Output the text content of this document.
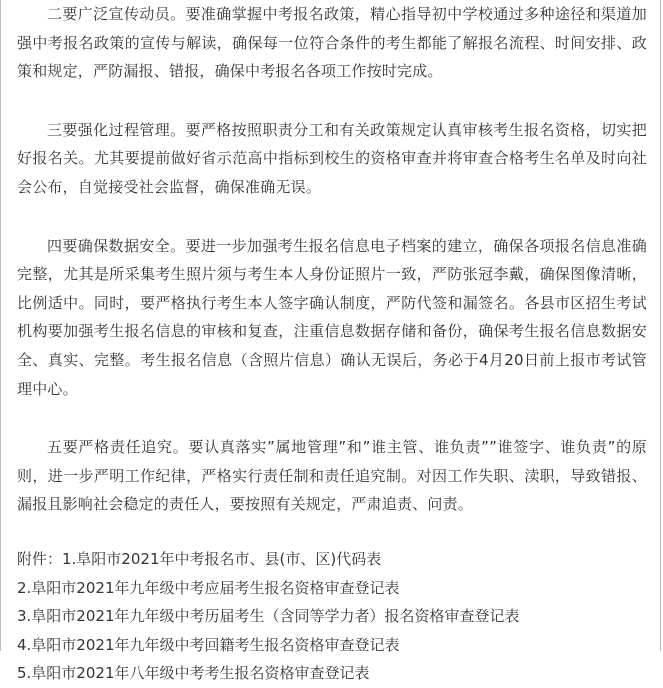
二要广泛宣传动员。要准确掌握中考报名政策，精心指导初中学校通过多种途径和渠道加强中考报名政策的宣传与解读，确保每一位符合条件的考生都能了解报名流程、时间安排、政策和规定，严防漏报、错报，确保中考报名各项工作按时完成。

三要强化过程管理。要严格按照职责分工和有关政策规定认真审核考生报名资格，切实把好报名关。尤其要提前做好省示范高中指标到校生的资格审查并将审查合格考生名单及时向社会公布，自觉接受社会监督，确保准确无误。

四要确保数据安全。要进一步加强考生报名信息电子档案的建立，确保各项报名信息准确完整，尤其是所采集考生照片须与考生本人身份证照片一致，严防张冠李戴，确保图像清晰，比例适中。同时，要严格执行考生本人签字确认制度，严防代签和漏签名。各县市区招生考试机构要加强考生报名信息的审核和复查，注重信息数据存储和备份，确保考生报名信息数据安全、真实、完整。考生报名信息（含照片信息）确认无误后，务必于4月20日前上报市考试管理中心。

五要严格责任追究。要认真落实”属地管理”和”谁主管、谁负责””谁签字、谁负责”的原则，进一步严明工作纪律，严格实行责任制和责任追究制。对因工作失职、渎职，导致错报、漏报且影响社会稳定的责任人，要按照有关规定，严肃追责、问责。

附件：1.阜阳市2021年中考报名市、县(市、区)代码表

2.阜阳市2021年九年级中考应届考生报名资格审查登记表

3.阜阳市2021年九年级中考历届考生（含同等学力者）报名资格审查登记表

4.阜阳市2021年九年级中考回籍考生报名资格审查登记表

5.阜阳市2021年八年级中考考生报名资格审查登记表
